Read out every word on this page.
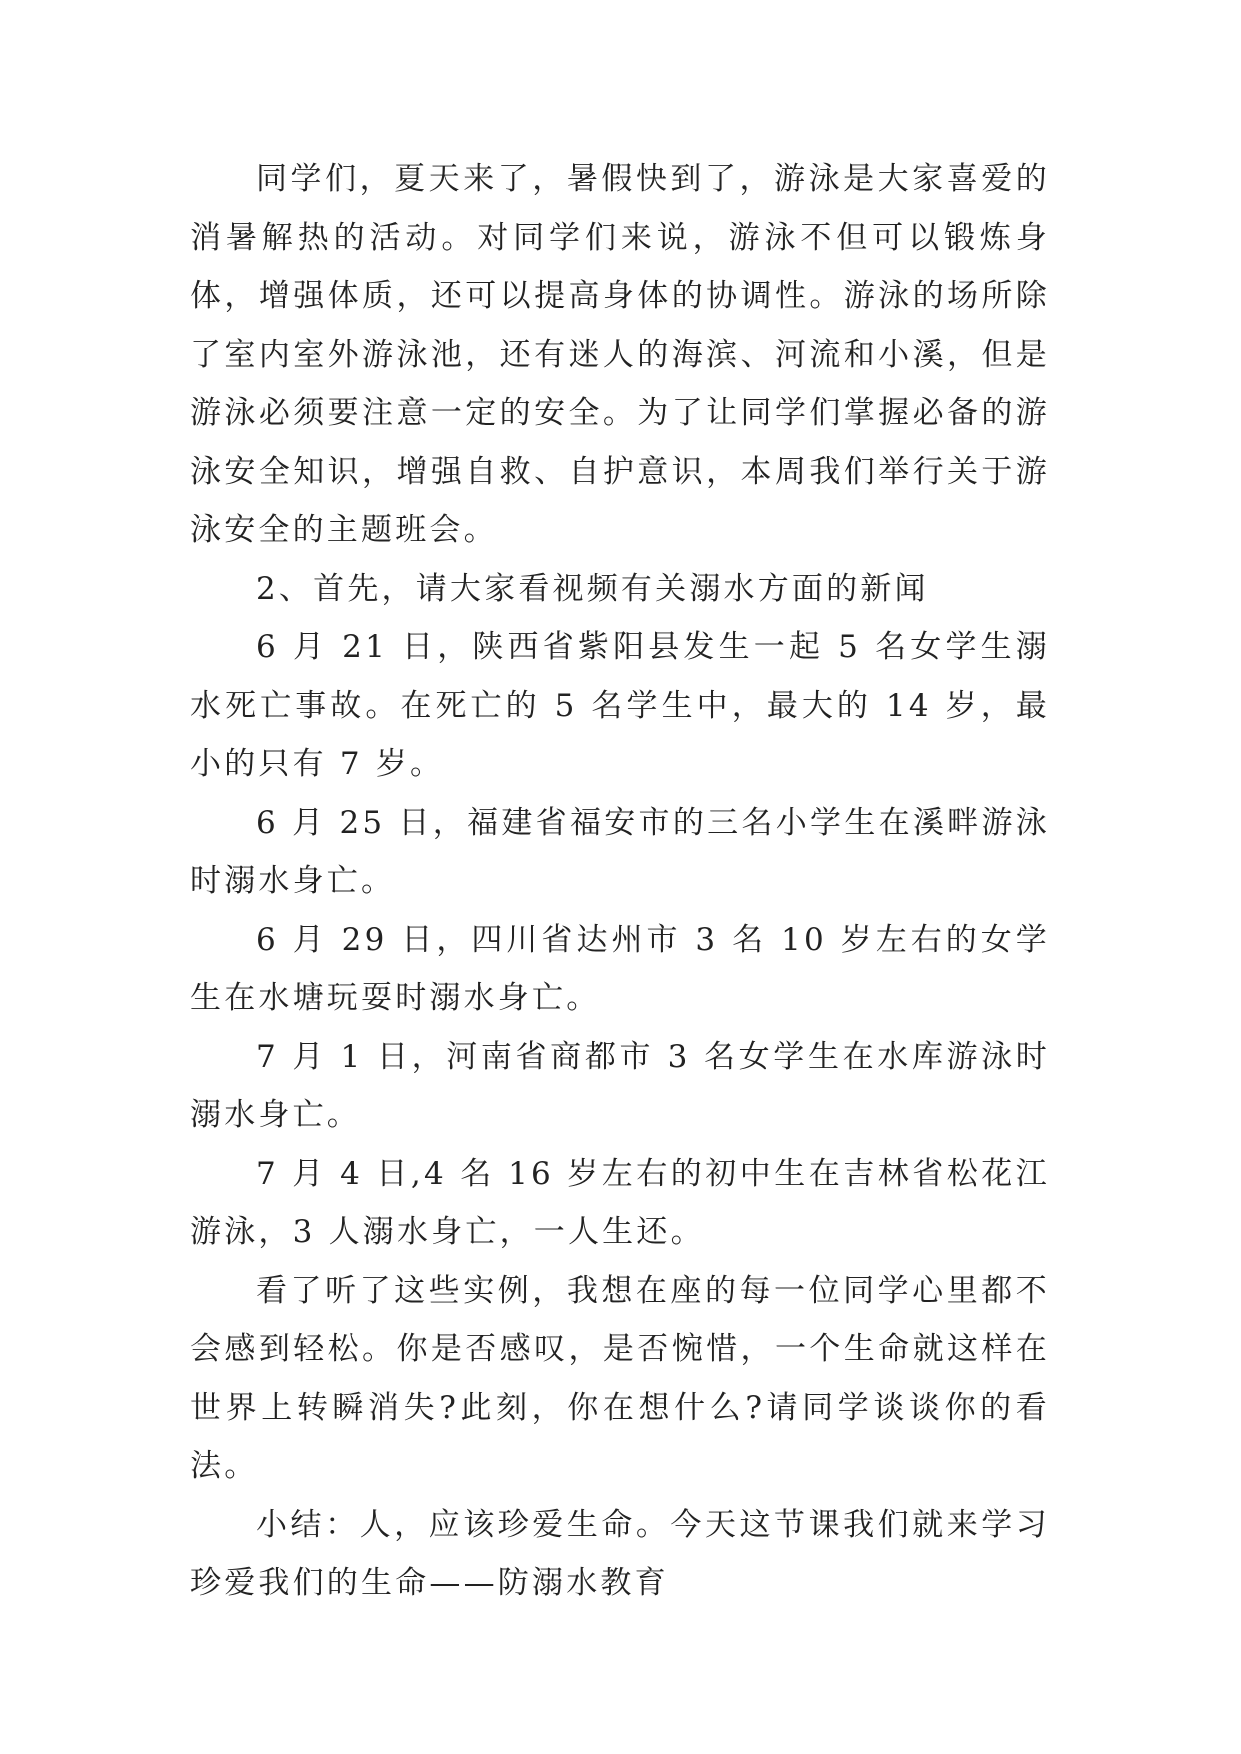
同学们，夏天来了，暑假快到了，游泳是大家喜爱的消暑解热的活动。对同学们来说，游泳不但可以锻炼身体，增强体质，还可以提高身体的协调性。游泳的场所除了室内室外游泳池，还有迷人的海滨、河流和小溪，但是游泳必须要注意一定的安全。为了让同学们掌握必备的游泳安全知识，增强自救、自护意识，本周我们举行关于游泳安全的主题班会。

2、首先，请大家看视频有关溺水方面的新闻

6 月 21 日，陕西省紫阳县发生一起 5 名女学生溺水死亡事故。在死亡的 5 名学生中，最大的 14 岁，最小的只有 7 岁。

6 月 25 日，福建省福安市的三名小学生在溪畔游泳时溺水身亡。

6 月 29 日，四川省达州市 3 名 10 岁左右的女学生在水塘玩耍时溺水身亡。

7 月 1 日，河南省商都市 3 名女学生在水库游泳时溺水身亡。

7 月 4 日,4 名 16 岁左右的初中生在吉林省松花江游泳，3 人溺水身亡，一人生还。

看了听了这些实例，我想在座的每一位同学心里都不会感到轻松。你是否感叹，是否惋惜，一个生命就这样在世界上转瞬消失?此刻，你在想什么?请同学谈谈你的看法。

小结：人，应该珍爱生命。今天这节课我们就来学习珍爱我们的生命——防溺水教育
